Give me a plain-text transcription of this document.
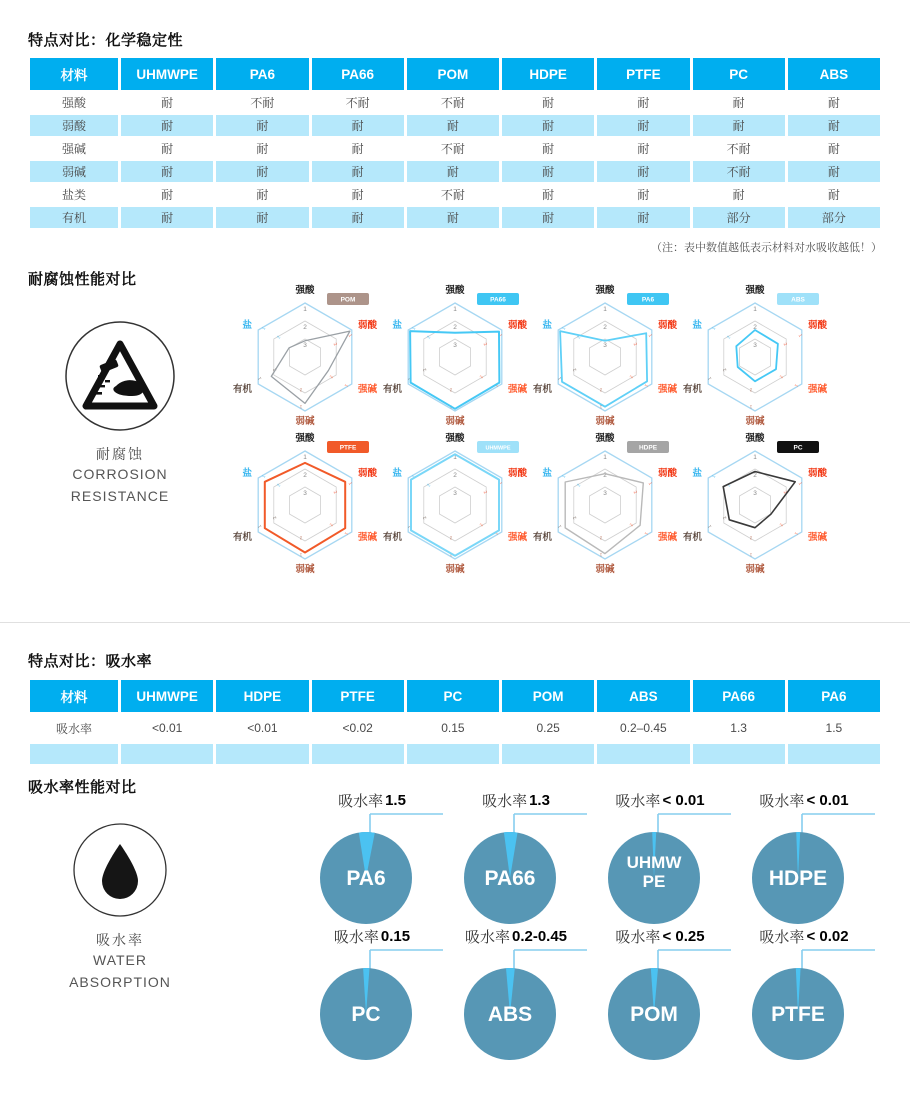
特点对比：化学稳定性
材料	UHMWPE	PA6	PA66	POM	HDPE	PTFE	PC	ABS
强酸	耐	不耐	不耐	不耐	耐	耐	耐	耐
弱酸	耐	耐	耐	耐	耐	耐	耐	耐
强碱	耐	耐	耐	不耐	耐	耐	不耐	耐
弱碱	耐	耐	耐	耐	耐	耐	不耐	耐
盐类	耐	耐	耐	不耐	耐	耐	耐	耐
有机	耐	耐	耐	耐	耐	耐	部分	部分
（注：表中数值越低表示材料对水吸收越低！）
耐腐蚀性能对比
耐腐蚀
CORROSION
RESISTANCE
1
2
3
强酸
弱酸
强碱
弱碱
有机
盐
1
2
1
2
1
2
1
2
1
2
POM
1
2
3
强酸
弱酸
强碱
弱碱
有机
盐
1
2
1
2
1
2
1
2
1
2
PA66
1
2
3
强酸
弱酸
强碱
弱碱
有机
盐
1
2
1
2
1
2
1
2
1
2
PA6
1
2
3
强酸
弱酸
强碱
弱碱
有机
盐
1
2
1
2
1
2
1
2
1
2
ABS
1
2
3
强酸
弱酸
强碱
弱碱
有机
盐
1
2
1
2
1
2
1
2
1
2
PTFE
1
2
3
强酸
弱酸
强碱
弱碱
有机
盐
1
2
1
2
1
2
1
2
1
2
UHMWPE
1
2
3
强酸
弱酸
强碱
弱碱
有机
盐
1
2
1
2
1
2
1
2
1
2
HDPE
1
2
3
强酸
弱酸
强碱
弱碱
有机
盐
1
2
1
2
1
2
1
2
1
2
PC
特点对比：吸水率
材料	UHMWPE	HDPE	PTFE	PC	POM	ABS	PA66	PA6
吸水率	<0.01	<0.01	<0.02	0.15	0.25	0.2–0.45	1.3	1.5

吸水率性能对比
吸水率
WATER
ABSORPTION
吸水率 1.5
PA6
吸水率 1.3
PA66
吸水率 < 0.01
UHMW
PE
吸水率 < 0.01
HDPE
吸水率 0.15
PC
吸水率 0.2-0.45
ABS
吸水率 < 0.25
POM
吸水率 < 0.02
PTFE
